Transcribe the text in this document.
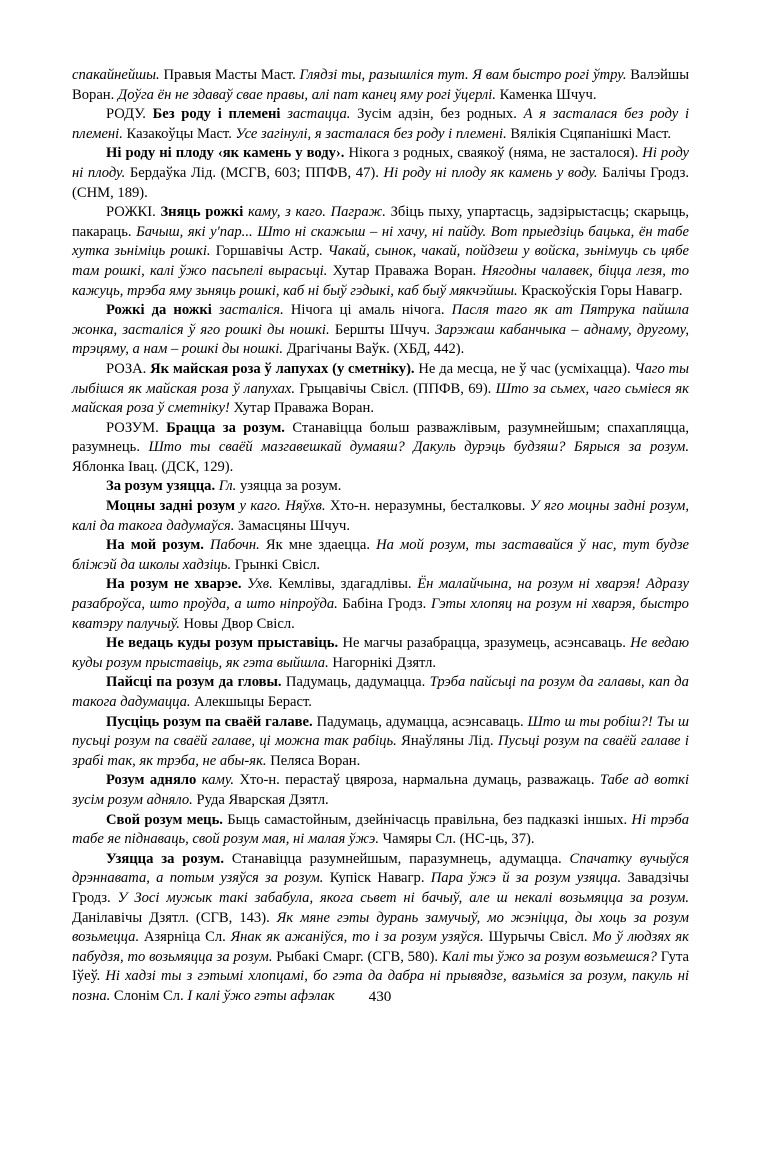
спакайнейшы. Правыя Масты Маст. Глядзі ты, разышліся тут. Я вам быстро рогі ўтру. Валэйшы Воран. Доўга ён не здаваў свае правы, алі пат канец яму рогі ўцерлі. Каменка Шчуч.

РОДУ. Без роду і племені застацца. Зусім адзін, без родных. А я засталася без роду і племені. Казакоўцы Маст. Усе загінулі, я засталася без роду і племені. Вялікія Сцяпанішкі Маст.

Ні роду ні плоду ‹як камень у воду›. Нікога з родных, сваякоў (няма, не засталося). Ні роду ні плоду. Бердаўка Лід. (МСГВ, 603; ППФВ, 47). Ні роду ні плоду як камень у воду. Балічы Гродз. (СНМ, 189).

РОЖКІ. Зняць рожкі каму, з каго. Паграж. Збіць пыху, упартасць, задзірыстасць; скарыць, пакараць. Бачыш, які у′пар... Што ні скажыш – ні хачу, ні пайду. Вот прыедзіць бацька, ён табе хутка зьніміць рошкі. Горшавічы Астр. Чакай, сынок, чакай, пойдзеш у войска, зьнімуць сь цябе там рошкі, калі ўжо пасьпелі вырасьці. Хутар Праважа Воран. Нягодны чалавек, біцца лезя, то кажуць, трэба яму зьняць рошкі, каб ні быў гэдыкі, каб быў мякчэйшы. Краскоўскія Горы Навагр.

Рожкі да ножкі засталіся. Нічога ці амаль нічога. Пасля таго як ат Пятрука пайшла жонка, засталіся ў яго рошкі ды ношкі. Бершты Шчуч. Зарэжаш кабанчыка – аднаму, другому, трэцяму, а нам – рошкі ды ношкі. Драгічаны Ваўк. (ХБД, 442).

РОЗА. Як майская роза ў лапухах (у сметніку). Не да месца, не ў час (усміхацца). Чаго ты лыбішся як майская роза ў лапухах. Грыцавічы Свісл. (ППФВ, 69). Што за сьмех, чаго сьміеся як майская роза ў сметніку! Хутар Праважа Воран.

РОЗУМ. Брацца за розум. Станавіцца больш разважлівым, разумнейшым; спахапляцца, разумнець. Што ты сваёй мазгавешкай думаяш? Дакуль дурэць будзяш? Бярыся за розум. Яблонка Івац. (ДСК, 129).

За розум узяцца. Гл. узяцца за розум.

Моцны заднi розум у каго. Няўхв. Хто-н. неразумны, бесталковы. У яго моцны задні розум, калі да такога дадумаўся. Замасцяны Шчуч.

На мой розум. Пабочн. Як мне здаецца. На мой розум, ты заставайся ў нас, тут будзе бліжэй да школы хадзіць. Грынкі Свісл.

На розум не хварэе. Ухв. Кемлівы, здагадлівы. Ён малайчына, на розум ні хварэя! Адразу разаброўса, што проўда, а што ніпроўда. Бабіна Гродз. Гэты хлопяц на розум ні хварэя, быстро кватэру палучыў. Новы Двор Свісл.

Не ведаць куды розум прыставіць. Не магчы разабрацца, зразумець, асэнсаваць. Не ведаю куды розум прыставіць, як гэта выйшла. Нагорнікі Дзятл.

Пайсці па розум да гловы. Падумаць, дадумацца. Трэба пайсьці па розум да галавы, кап да такога дадумацца. Алекшыцы Бераст.

Пусціць розум па сваёй галаве. Падумаць, адумацца, асэнсаваць. Што ш ты робіш?! Ты ш пусьці розум па сваёй галаве, ці можна так рабіць. Янаўляны Лід. Пусьці розум па сваёй галаве і зрабі так, як трэба, не абы-як. Пеляса Воран.

Розум адняло каму. Хто-н. перастаў цвяроза, нармальна думаць, разважаць. Табе ад воткі зусім розум адняло. Руда Яварская Дзятл.

Свой розум мець. Быць самастойным, дзейнічасць правільна, без падказкі іншых. Ні трэба табе яе піднаваць, свой розум мая, ні малая ўжэ. Чамяры Сл. (НС-ць, 37).

Узяцца за розум. Станавіцца разумнейшым, паразумнець, адумацца. Спачатку вучыўся дрэннавата, а потым узяўся за розум. Купіск Навагр. Пара ўжэ й за розум узяцца. Завадзічы Гродз. У Зосі мужык такі забабула, якога сьвет ні бачыў, але ш некалі возьмяцца за розум. Данілавічы Дзятл. (СГВ, 143). Як мяне гэты дурань замучыў, мо жэніцца, ды хоць за розум возьмецца. Азярніца Сл. Янак як ажаніўся, то і за розум узяўся. Шурычы Свісл. Мо ў людзях як пабудзя, то возьмяцца за розум. Рыбакі Смарг. (СГВ, 580). Калі ты ўжо за розум возьмешся? Гута Іўеў. Ні хадзі ты з гэтымі хлопцамі, бо гэта да дабра ні прывядзе, вазьміся за розум, пакуль ні позна. Слонім Сл. І калі ўжо гэты афэлак	430
